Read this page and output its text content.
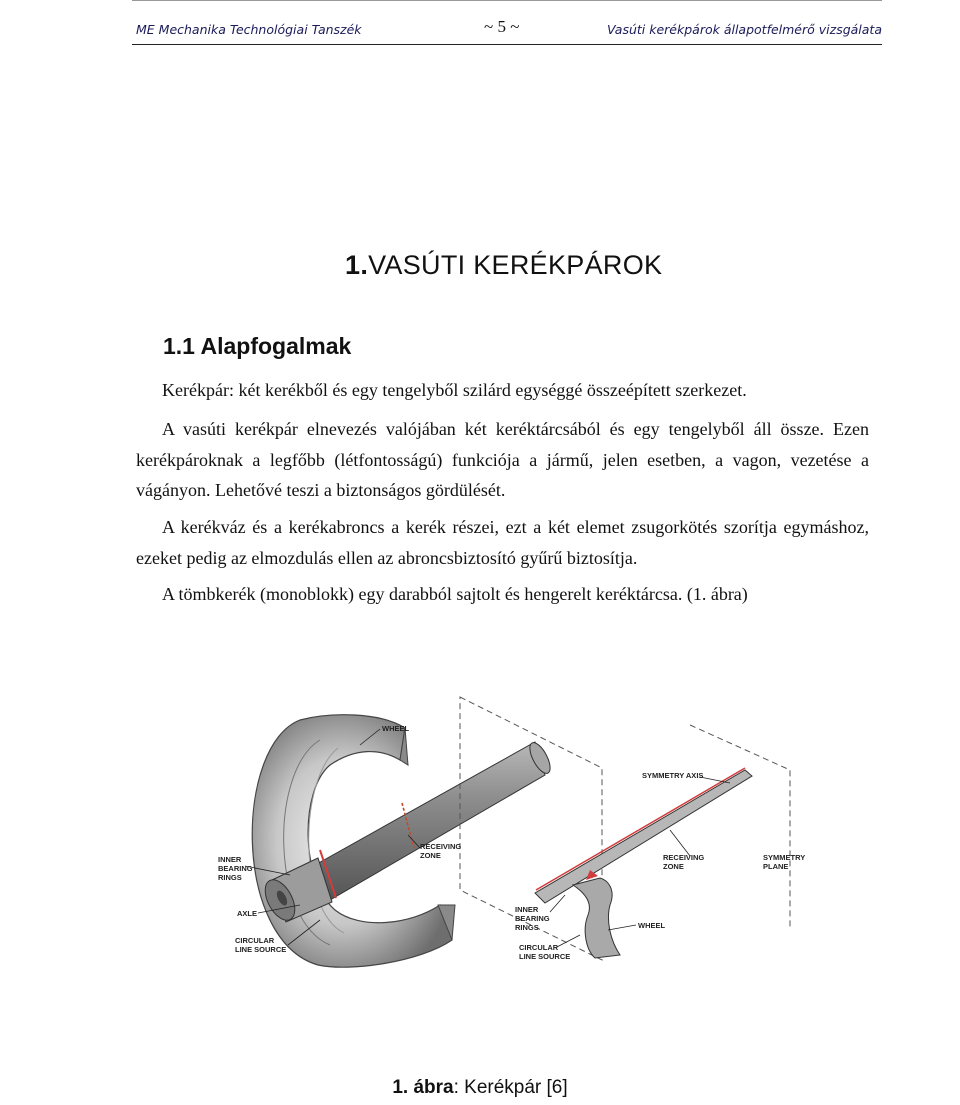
ME Mechanika Technológiai Tanszék	~ 5 ~	Vasúti kerékpárok állapotfelmérő vizsgálata
1.VASÚTI KERÉKPÁROK
1.1 Alapfogalmak
Kerékpár: két kerékből és egy tengelyből szilárd egységgé összeépített szerkezet.
A vasúti kerékpár elnevezés valójában két keréktárcsából és egy tengelyből áll össze. Ezen kerékpároknak a legfőbb (létfontosságú) funkciója a jármű, jelen esetben, a vagon, vezetése a vágányon. Lehetővé teszi a biztonságos gördülését.
A kerékváz és a kerékabroncs a kerék részei, ezt a két elemet zsugorkötés szorítja egymáshoz, ezeket pedig az elmozdulás ellen az abroncsbiztosító gyűrű biztosítja.
A tömbkerék (monoblokk) egy darabból sajtolt és hengerelt keréktárcsa. (1. ábra)
WHEEL
RECEIVING
ZONE
INNER
BEARING
RINGS
AXLE
CIRCULAR
LINE SOURCE
SYMMETRY AXIS
RECEIVING
ZONE
SYMMETRY
PLANE
INNER
BEARING
RINGS	WHEEL
CIRCULAR
LINE SOURCE
1. ábra: Kerékpár [6]
